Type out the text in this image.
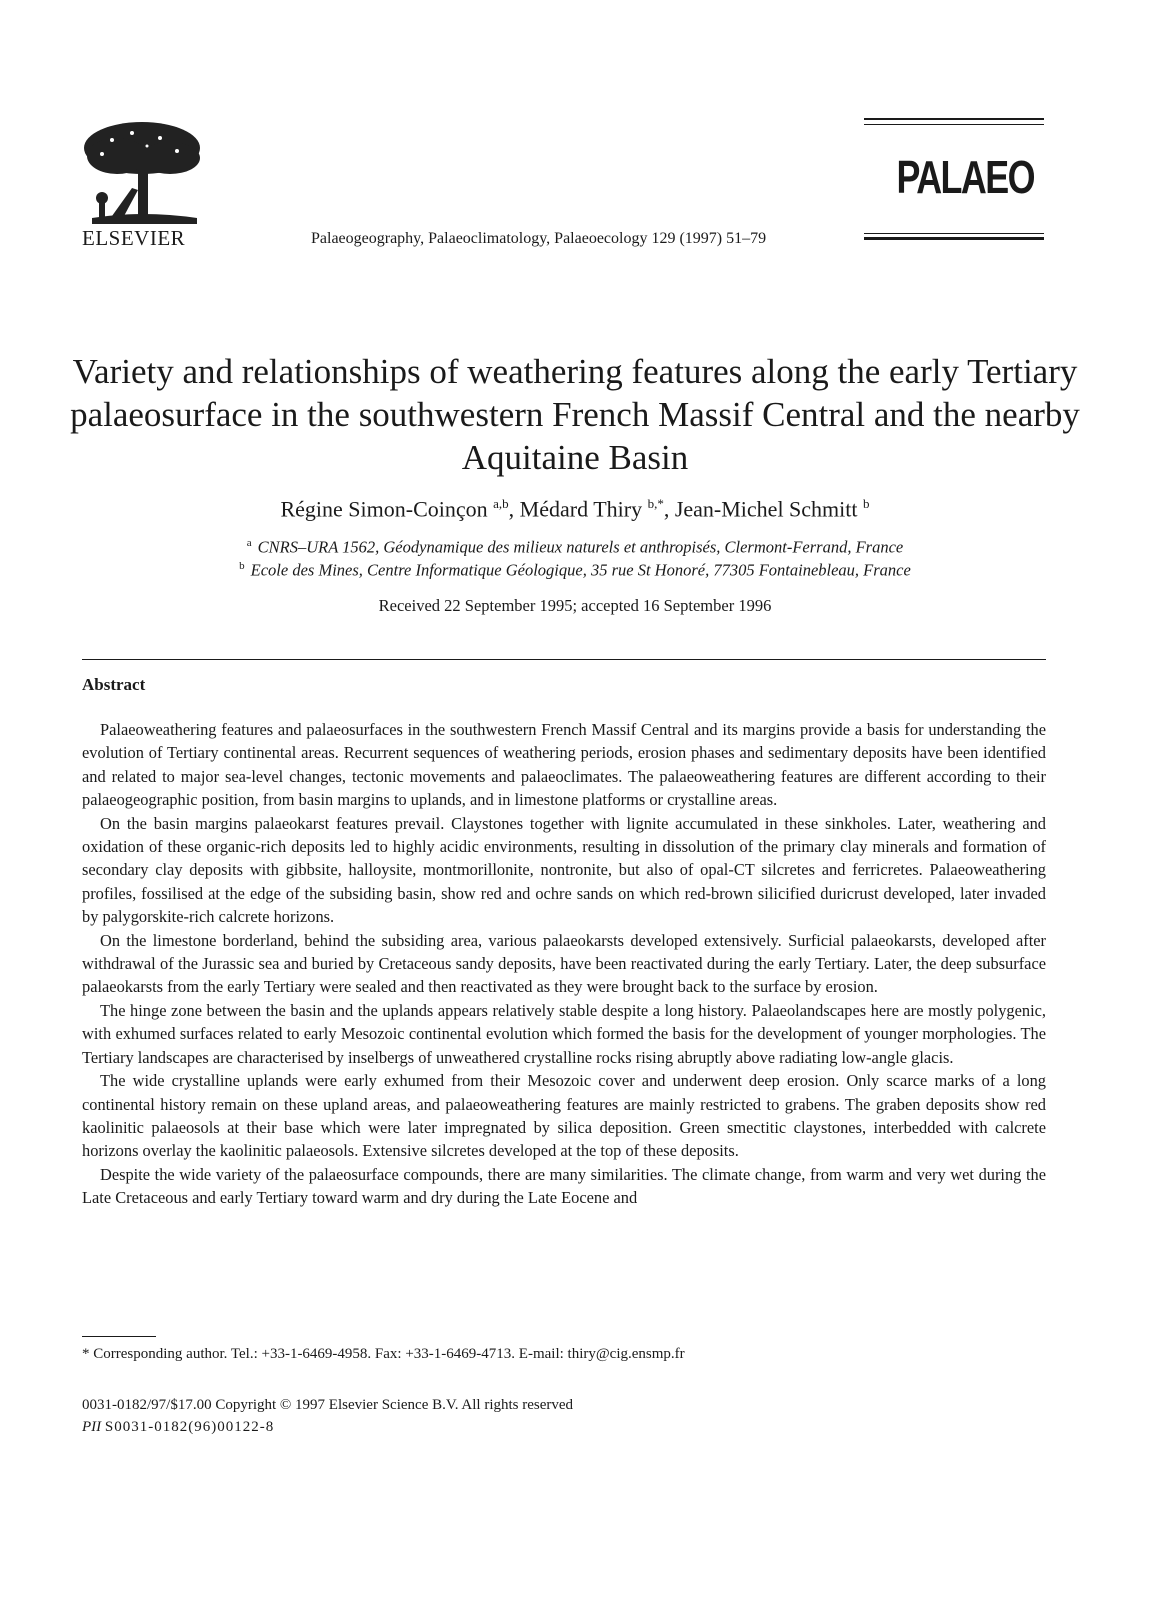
ELSEVIER	Palaeogeography, Palaeoclimatology, Palaeoecology 129 (1997) 51–79
PALAEO
Variety and relationships of weathering features along the early Tertiary palaeosurface in the southwestern French Massif Central and the nearby Aquitaine Basin
Régine Simon-Coinçon $^{a,b}$, Médard Thiry $^{b,*}$, Jean-Michel Schmitt $^b$
$^a$ CNRS–URA 1562, Géodynamique des milieux naturels et anthropisés, Clermont-Ferrand, France
$^b$ Ecole des Mines, Centre Informatique Géologique, 35 rue St Honoré, 77305 Fontainebleau, France
Received 22 September 1995; accepted 16 September 1996
Abstract

Palaeoweathering features and palaeosurfaces in the southwestern French Massif Central and its margins provide a basis for understanding the evolution of Tertiary continental areas. Recurrent sequences of weathering periods, erosion phases and sedimentary deposits have been identified and related to major sea-level changes, tectonic movements and palaeoclimates. The palaeoweathering features are different according to their palaeogeographic position, from basin margins to uplands, and in limestone platforms or crystalline areas.

On the basin margins palaeokarst features prevail. Claystones together with lignite accumulated in these sinkholes. Later, weathering and oxidation of these organic-rich deposits led to highly acidic environments, resulting in dissolution of the primary clay minerals and formation of secondary clay deposits with gibbsite, halloysite, montmorillonite, nontronite, but also of opal-CT silcretes and ferricretes. Palaeoweathering profiles, fossilised at the edge of the subsiding basin, show red and ochre sands on which red-brown silicified duricrust developed, later invaded by palygorskite-rich calcrete horizons.

On the limestone borderland, behind the subsiding area, various palaeokarsts developed extensively. Surficial palaeokarsts, developed after withdrawal of the Jurassic sea and buried by Cretaceous sandy deposits, have been reactivated during the early Tertiary. Later, the deep subsurface palaeokarsts from the early Tertiary were sealed and then reactivated as they were brought back to the surface by erosion.

The hinge zone between the basin and the uplands appears relatively stable despite a long history. Palaeolandscapes here are mostly polygenic, with exhumed surfaces related to early Mesozoic continental evolution which formed the basis for the development of younger morphologies. The Tertiary landscapes are characterised by inselbergs of unweathered crystalline rocks rising abruptly above radiating low-angle glacis.

The wide crystalline uplands were early exhumed from their Mesozoic cover and underwent deep erosion. Only scarce marks of a long continental history remain on these upland areas, and palaeoweathering features are mainly restricted to grabens. The graben deposits show red kaolinitic palaeosols at their base which were later impregnated by silica deposition. Green smectitic claystones, interbedded with calcrete horizons overlay the kaolinitic palaeosols. Extensive silcretes developed at the top of these deposits.

Despite the wide variety of the palaeosurface compounds, there are many similarities. The climate change, from warm and very wet during the Late Cretaceous and early Tertiary toward warm and dry during the Late Eocene and

* Corresponding author. Tel.: +33-1-6469-4958. Fax: +33-1-6469-4713. E-mail: thiry@cig.ensmp.fr
0031-0182/97/$17.00 Copyright © 1997 Elsevier Science B.V. All rights reserved
PII S0031-0182(96)00122-8
